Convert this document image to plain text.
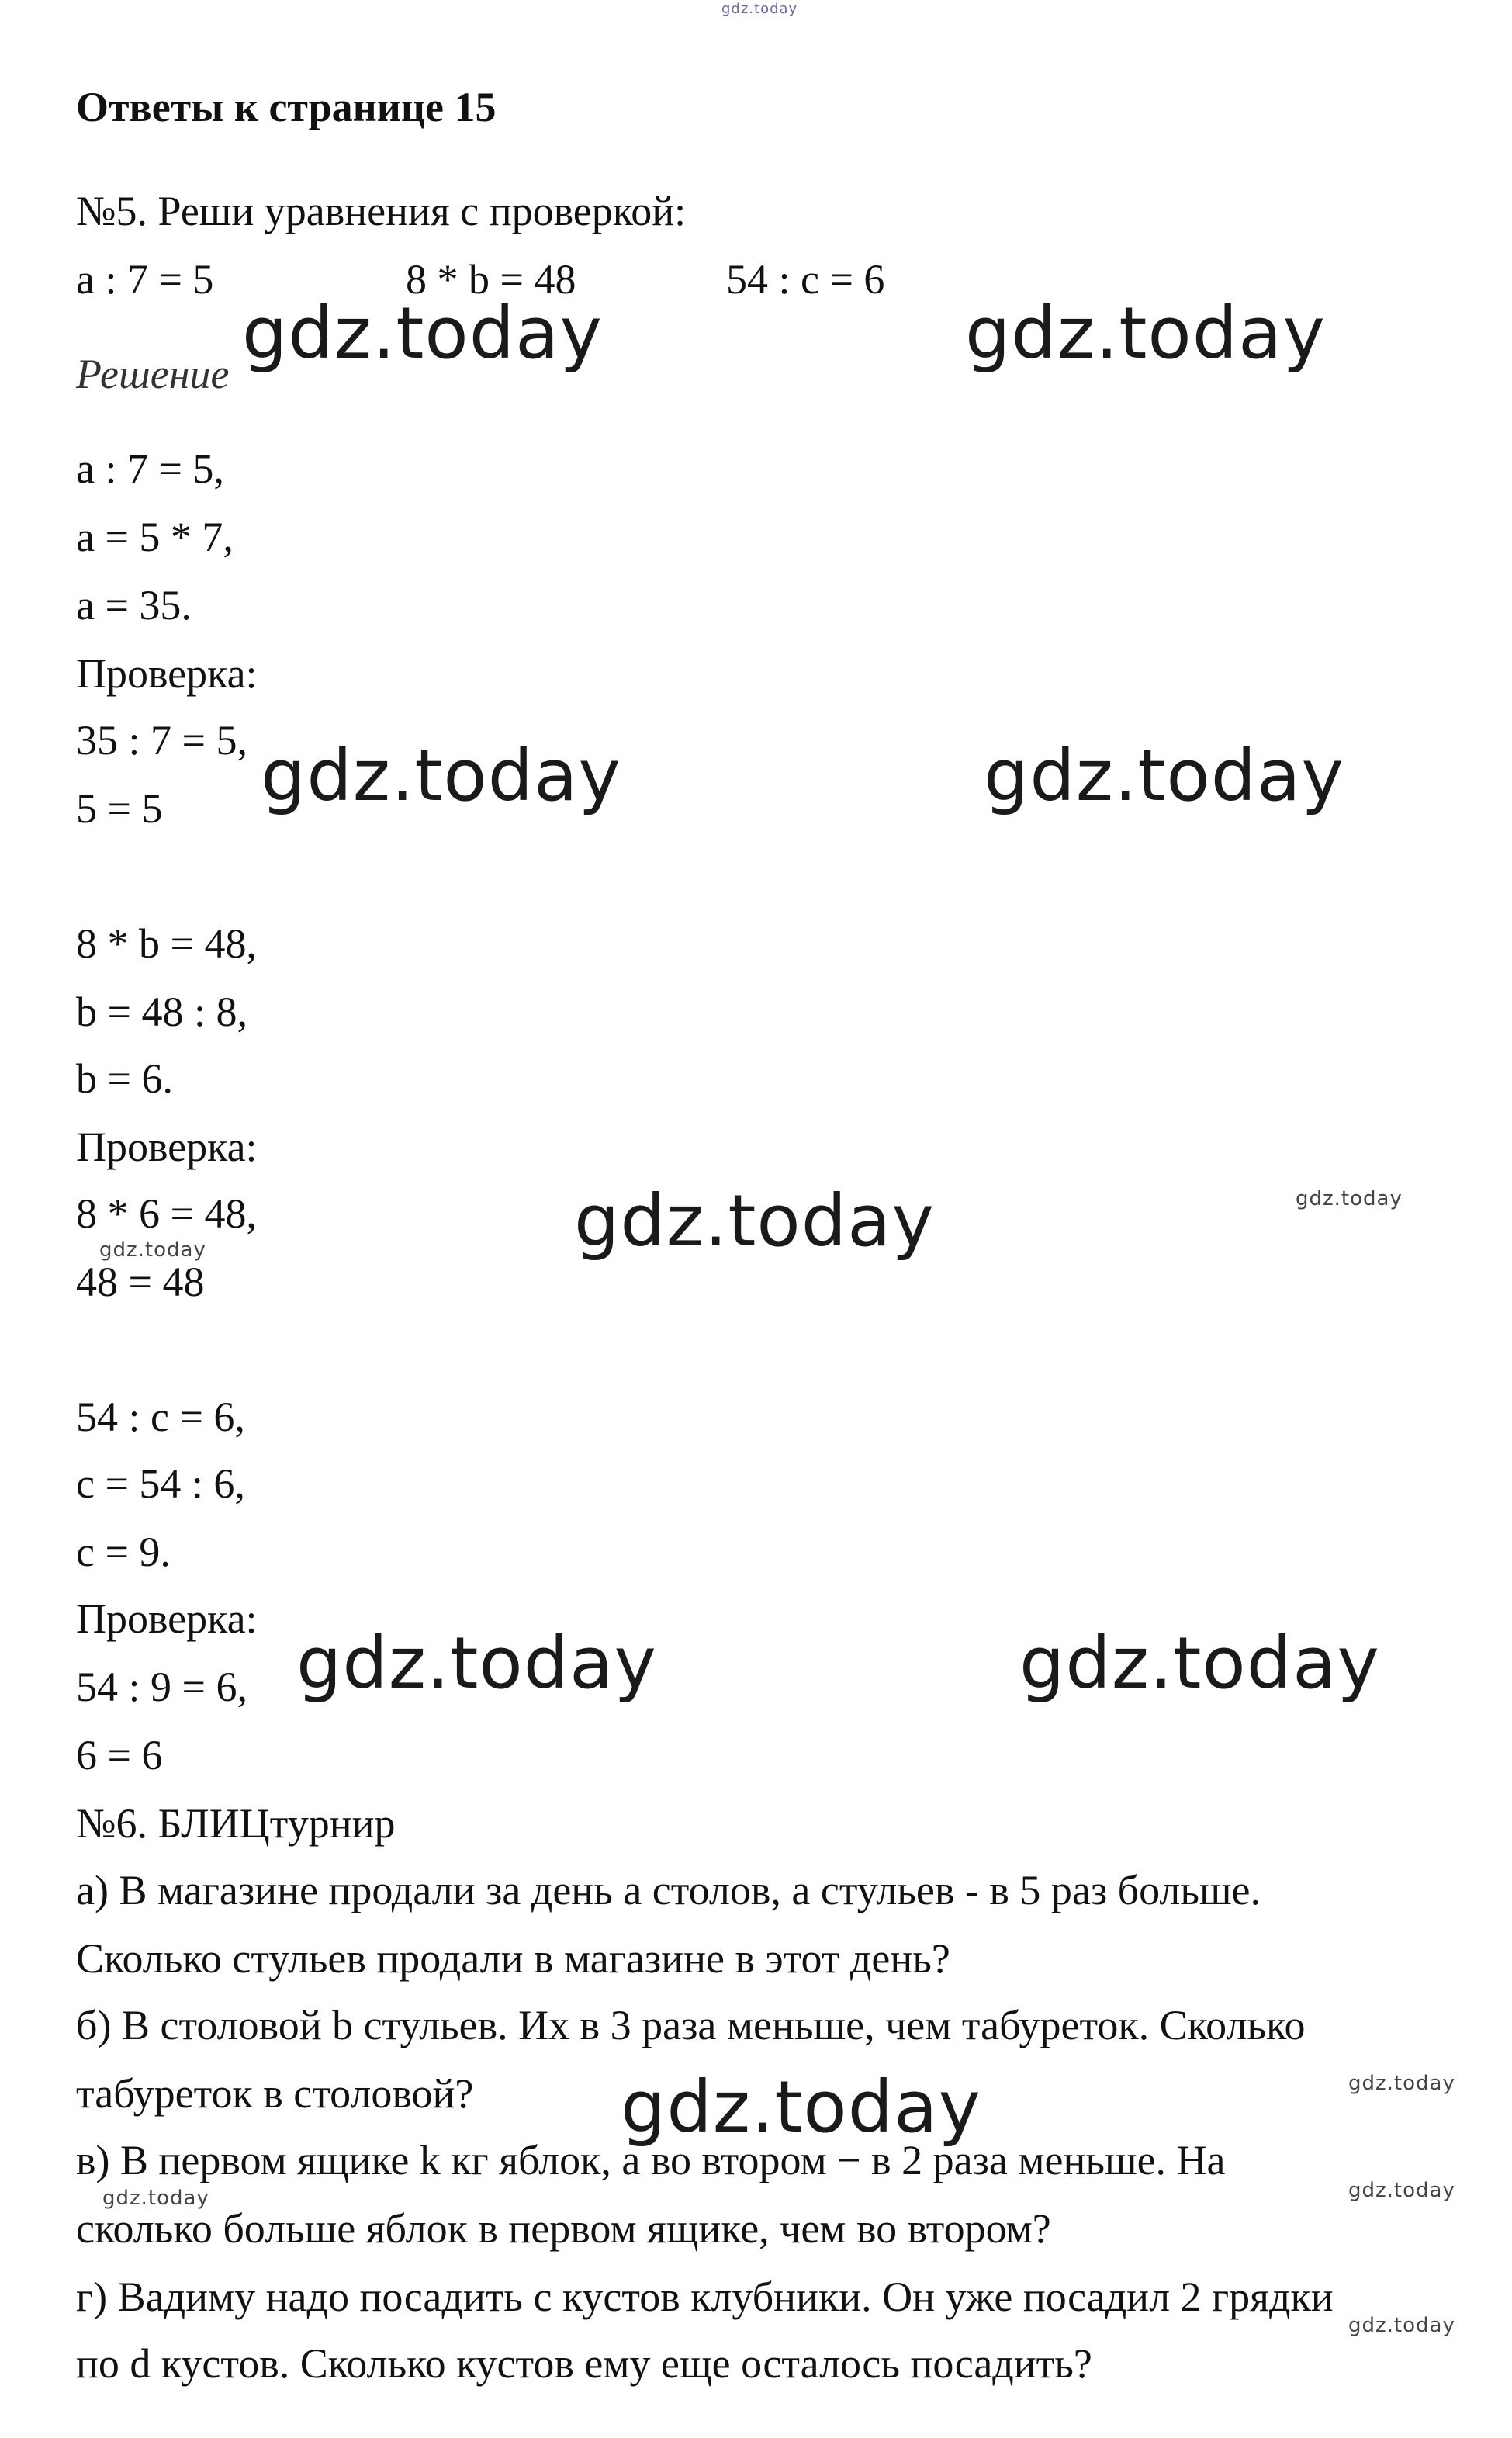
gdz.today
Ответы к странице 15
№5. Реши уравнения с проверкой:
a : 7 = 5	8 * b = 48	54 : c = 6
Решение
a : 7 = 5,
a = 5 * 7,
a = 35.
Проверка:
35 : 7 = 5,
5 = 5
8 * b = 48,
b = 48 : 8,
b = 6.
Проверка:
8 * 6 = 48,
48 = 48
54 : c = 6,
c = 54 : 6,
c = 9.
Проверка:
54 : 9 = 6,
6 = 6
№6. БЛИЦтурнир
а) В магазине продали за день а столов, а стульев - в 5 раз больше.
Сколько стульев продали в магазине в этот день?
б) В столовой b стульев. Их в 3 раза меньше, чем табуреток. Сколько
табуреток в столовой?
в) В первом ящике k кг яблок, а во втором − в 2 раза меньше. На
сколько больше яблок в первом ящике, чем во втором?
г) Вадиму надо посадить с кустов клубники. Он уже посадил 2 грядки
по d кустов. Сколько кустов ему еще осталось посадить?
gdz.today	gdz.today
gdz.today	gdz.today
gdz.today
gdz.today	gdz.today
gdz.today
gdz.today
gdz.today
gdz.today
gdz.today	gdz.today
gdz.today
